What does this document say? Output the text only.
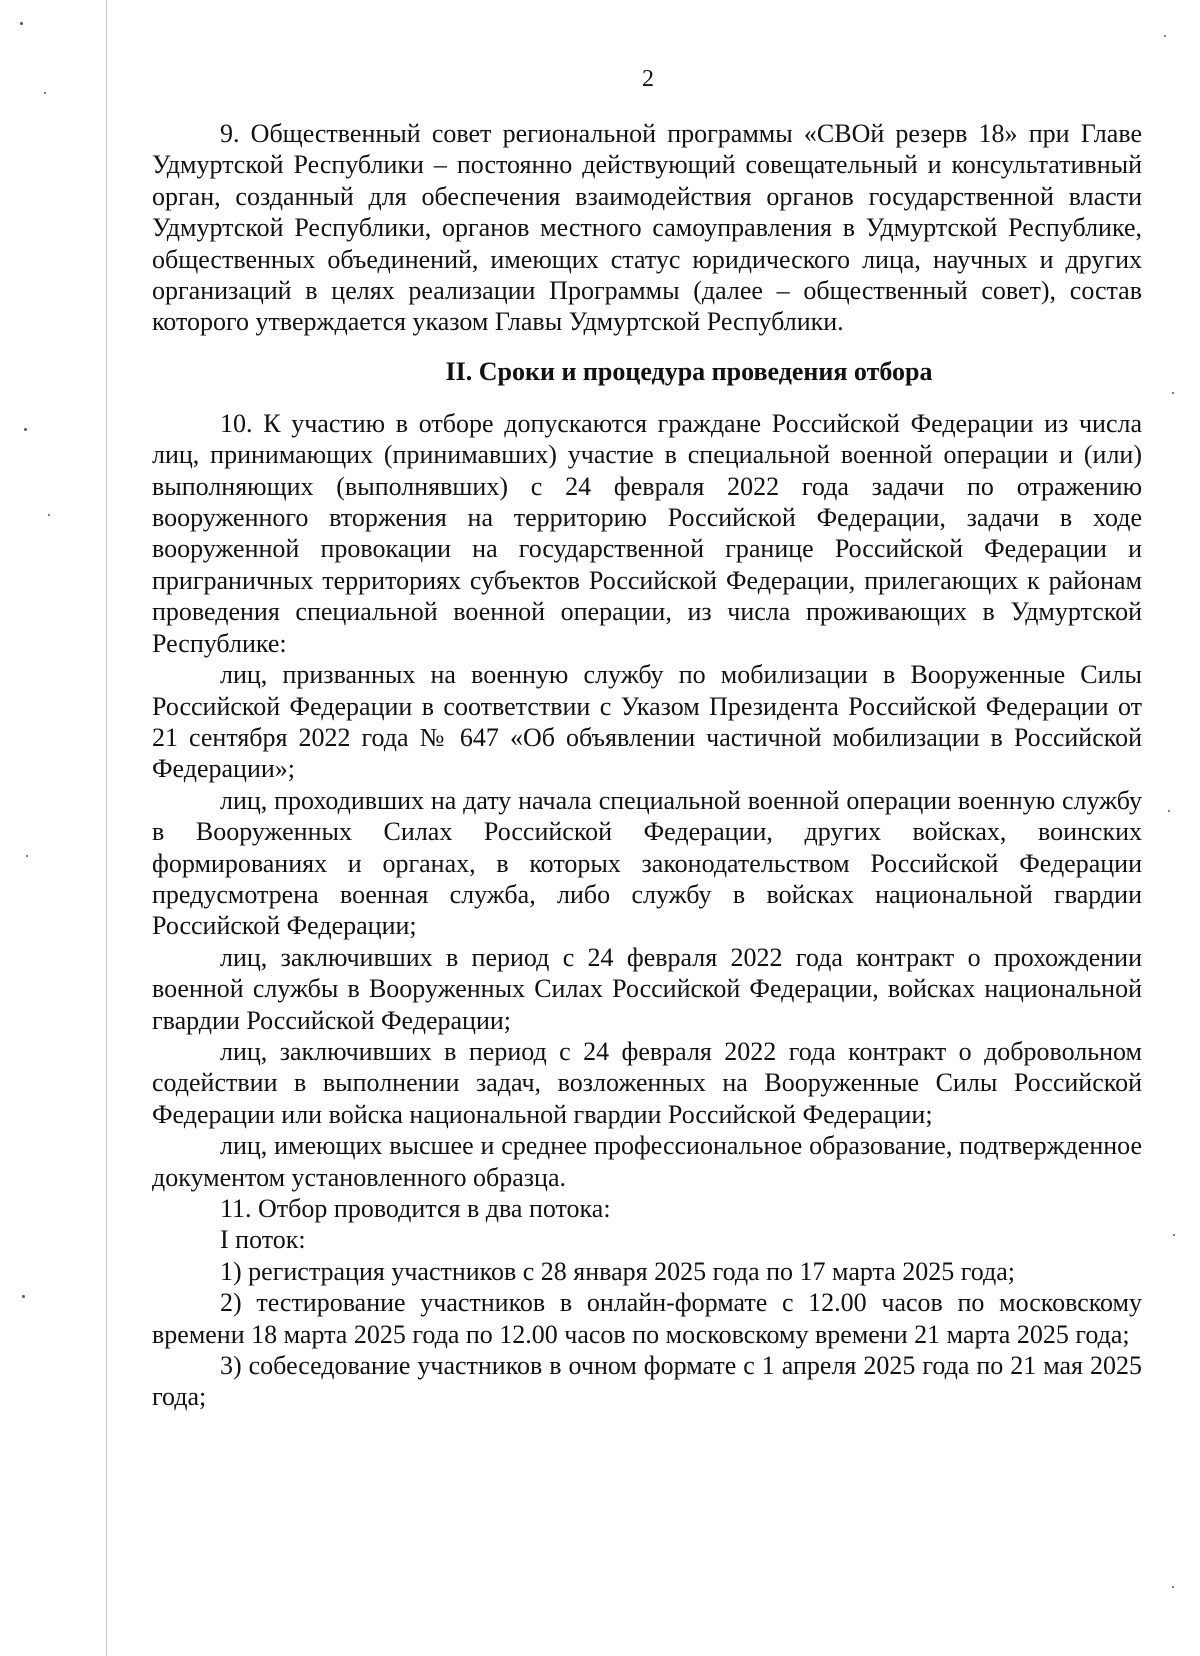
2

9. Общественный совет региональной программы «СВОй резерв 18» при Главе Удмуртской Республики – постоянно действующий совещательный и консультативный орган, созданный для обеспечения взаимодействия органов государственной власти Удмуртской Республики, органов местного самоуправления в Удмуртской Республике, общественных объединений, имеющих статус юридического лица, научных и других организаций в целях реализации Программы (далее – общественный совет), состав которого утверждается указом Главы Удмуртской Республики.

II. Сроки и процедура проведения отбора

10. К участию в отборе допускаются граждане Российской Федерации из числа лиц, принимающих (принимавших) участие в специальной военной операции и (или) выполняющих (выполнявших) с 24 февраля 2022 года задачи по отражению вооруженного вторжения на территорию Российской Федерации, задачи в ходе вооруженной провокации на государственной границе Российской Федерации и приграничных территориях субъектов Российской Федерации, прилегающих к районам проведения специальной военной операции, из числа проживающих в Удмуртской Республике:

лиц, призванных на военную службу по мобилизации в Вооруженные Силы Российской Федерации в соответствии с Указом Президента Российской Федерации от 21 сентября 2022 года № 647 «Об объявлении частичной мобилизации в Российской Федерации»;

лиц, проходивших на дату начала специальной военной операции военную службу в Вооруженных Силах Российской Федерации, других войсках, воинских формированиях и органах, в которых законодательством Российской Федерации предусмотрена военная служба, либо службу в войсках национальной гвардии Российской Федерации;

лиц, заключивших в период с 24 февраля 2022 года контракт о прохождении военной службы в Вооруженных Силах Российской Федерации, войсках национальной гвардии Российской Федерации;

лиц, заключивших в период с 24 февраля 2022 года контракт о добровольном содействии в выполнении задач, возложенных на Вооруженные Силы Российской Федерации или войска национальной гвардии Российской Федерации;

лиц, имеющих высшее и среднее профессиональное образование, подтвержденное документом установленного образца.

11. Отбор проводится в два потока:

I поток:

1) регистрация участников с 28 января 2025 года по 17 марта 2025 года;

2) тестирование участников в онлайн-формате с 12.00 часов по московскому времени 18 марта 2025 года по 12.00 часов по московскому времени 21 марта 2025 года;

3) собеседование участников в очном формате с 1 апреля 2025 года по 21 мая 2025 года;
